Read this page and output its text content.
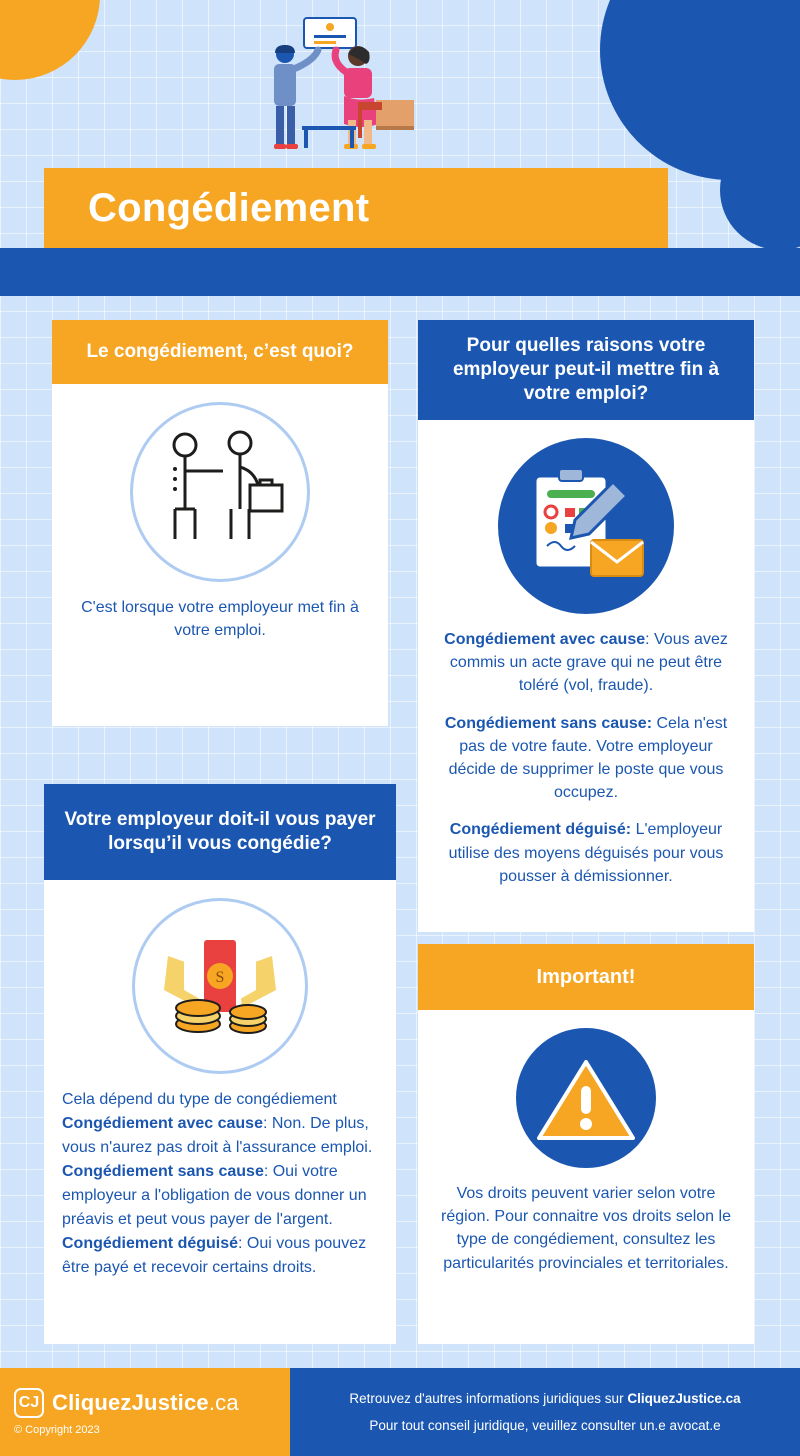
Congédiement
Le congédiement, c’est quoi?

C'est lorsque votre employeur met fin à votre emploi.

Pour quelles raisons votre employeur peut-il mettre fin à votre emploi?

Congédiement avec cause: Vous avez commis un acte grave qui ne peut être toléré (vol, fraude).

Congédiement sans cause: Cela n'est pas de votre faute. Votre employeur décide de supprimer le poste que vous occupez.

Congédiement déguisé: L'employeur utilise des moyens déguisés pour vous pousser à démissionner.

Votre employeur doit-il vous payer lorsqu’il vous congédie?
S

Cela dépend du type de congédiement

Congédiement avec cause: Non. De plus, vous n'aurez pas droit à l'assurance emploi.

Congédiement sans cause: Oui votre employeur a l'obligation de vous donner un préavis et peut vous payer de l'argent.

Congédiement déguisé: Oui vous pouvez être payé et recevoir certains droits.

Important!

Vos droits peuvent varier selon votre région. Pour connaitre vos droits selon le type de congédiement, consultez les particularités provinciales et territoriales.

CJ CliquezJustice.ca
© Copyright 2023
Retrouvez d'autres informations juridiques sur CliquezJustice.ca
Pour tout conseil juridique, veuillez consulter un.e avocat.e
